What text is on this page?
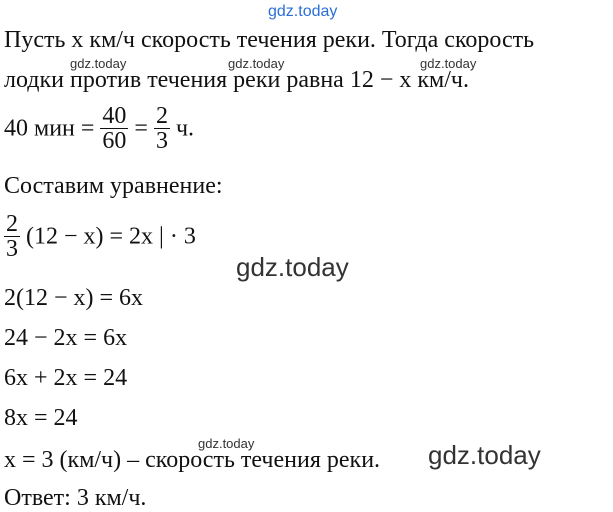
gdz.today
gdz.today	gdz.today	gdz.today
gdz.today
gdz.today	gdz.today
Пусть x км/ч скорость течения реки. Тогда скорость
лодки против течения реки равна 12 − x км/ч.
40 мин = $\frac{40}{60} = \frac{2}{3} ч$.
Составим уравнение:
$\frac{2}{3} (12 - x) = 2x$ | · 3
2(12 − x) = 6x
24 − 2x = 6x
6x + 2x = 24
8x = 24
x = 3 (км/ч) – скорость течения реки.
Ответ: 3 км/ч.
